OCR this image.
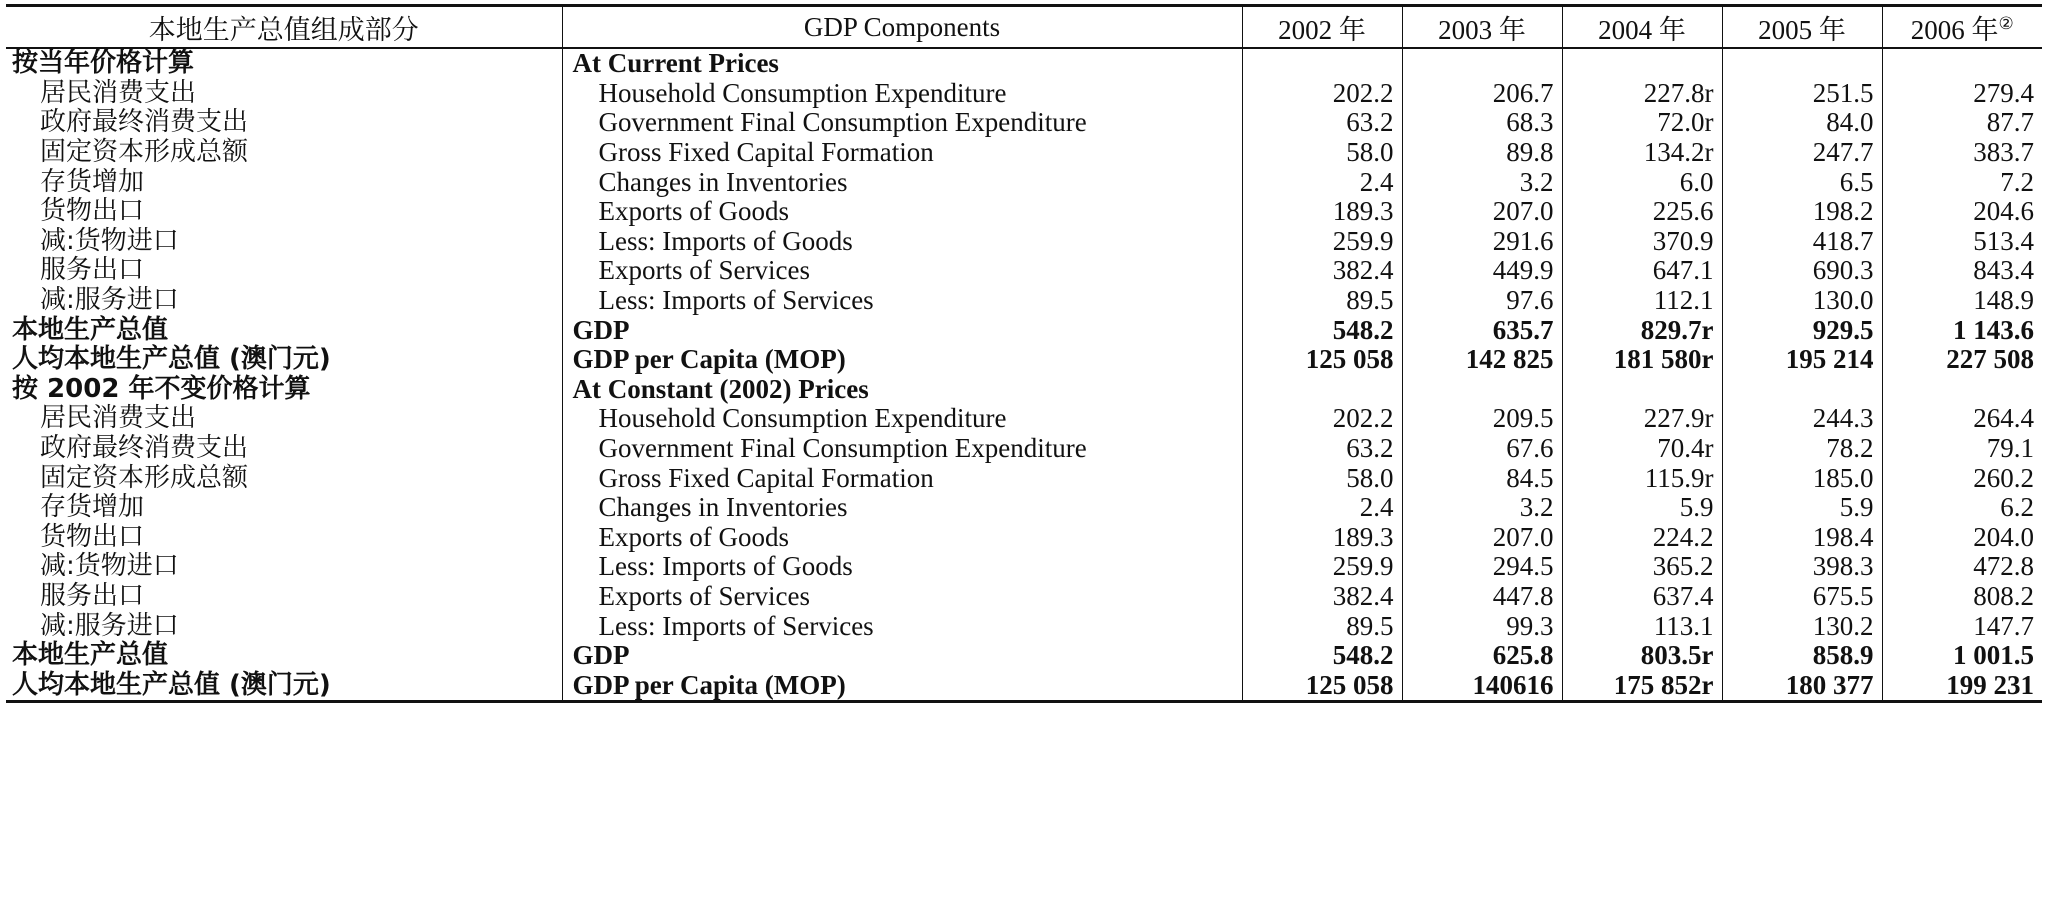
本地生产总值组成部分	GDP Components	2002 年	2003 年	2004 年	2005 年	2006 年②
按当年价格计算	At Current Prices					
居民消费支出	Household Consumption Expenditure	202.2	206.7	227.8r	251.5	279.4
政府最终消费支出	Government Final Consumption Expenditure	63.2	68.3	72.0r	84.0	87.7
固定资本形成总额	Gross Fixed Capital Formation	58.0	89.8	134.2r	247.7	383.7
存货增加	Changes in Inventories	2.4	3.2	6.0	6.5	7.2
货物出口	Exports of Goods	189.3	207.0	225.6	198.2	204.6
减:货物进口	Less: Imports of Goods	259.9	291.6	370.9	418.7	513.4
服务出口	Exports of Services	382.4	449.9	647.1	690.3	843.4
减:服务进口	Less: Imports of Services	89.5	97.6	112.1	130.0	148.9
本地生产总值	GDP	548.2	635.7	829.7r	929.5	1 143.6
人均本地生产总值 (澳门元)	GDP per Capita (MOP)	125 058	142 825	181 580r	195 214	227 508
按 2002 年不变价格计算	At Constant (2002) Prices					
居民消费支出	Household Consumption Expenditure	202.2	209.5	227.9r	244.3	264.4
政府最终消费支出	Government Final Consumption Expenditure	63.2	67.6	70.4r	78.2	79.1
固定资本形成总额	Gross Fixed Capital Formation	58.0	84.5	115.9r	185.0	260.2
存货增加	Changes in Inventories	2.4	3.2	5.9	5.9	6.2
货物出口	Exports of Goods	189.3	207.0	224.2	198.4	204.0
减:货物进口	Less: Imports of Goods	259.9	294.5	365.2	398.3	472.8
服务出口	Exports of Services	382.4	447.8	637.4	675.5	808.2
减:服务进口	Less: Imports of Services	89.5	99.3	113.1	130.2	147.7
本地生产总值	GDP	548.2	625.8	803.5r	858.9	1 001.5
人均本地生产总值 (澳门元)	GDP per Capita (MOP)	125 058	140616	175 852r	180 377	199 231
